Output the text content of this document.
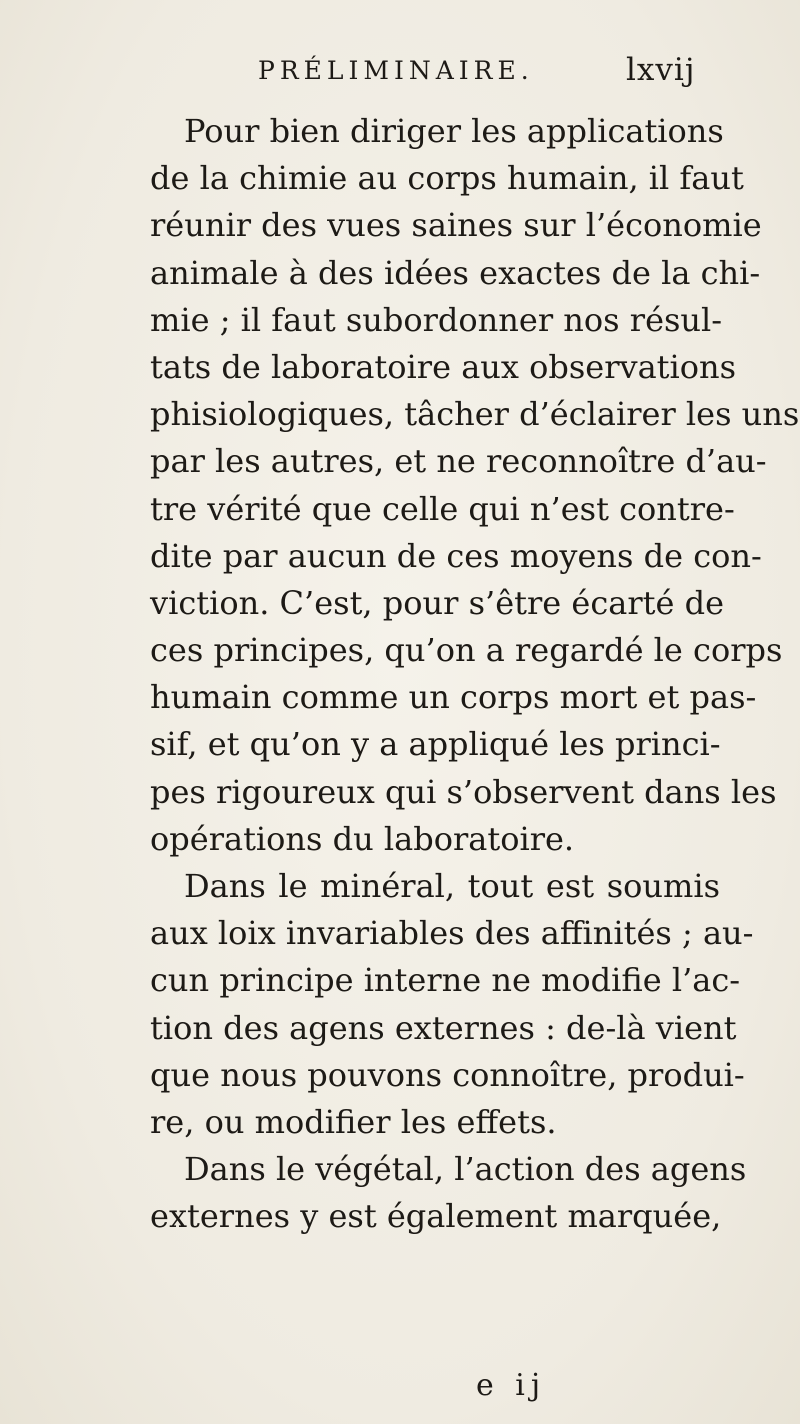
PRÉLIMINAIRE.	lxvij
Pour bien diriger les applications
de la chimie au corps humain, il faut
réunir des vues saines sur l’économie
animale à des idées exactes de la chi-
mie ; il faut subordonner nos résul-
tats de laboratoire aux observations
phisiologiques, tâcher d’éclairer les uns
par les autres, et ne reconnoître d’au-
tre vérité que celle qui n’est contre-
dite par aucun de ces moyens de con-
viction. C’est, pour s’être écarté de
ces principes, qu’on a regardé le corps
humain comme un corps mort et pas-
sif, et qu’on y a appliqué les princi-
pes rigoureux qui s’observent dans les
opérations du laboratoire.
Dans le minéral, tout est soumis
aux loix invariables des affinités ; au-
cun principe interne ne modifie l’ac-
tion des agens externes : de-là vient
que nous pouvons connoître, produi-
re, ou modifier les effets.
Dans le végétal, l’action des agens
externes y est également marquée,
e ij
